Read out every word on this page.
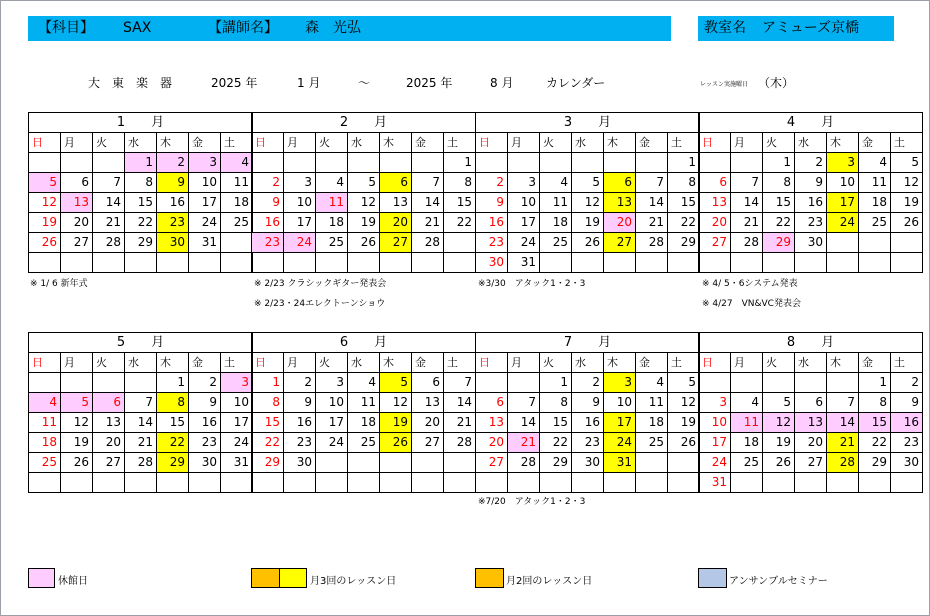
【科目】 SAX	【講師名】 森　光弘	教室名 アミューズ京橋
大　東　楽　器	2025 年	1 月	～	2025 年	8 月	カレンダー	レッスン実施曜日 （木）
1　　月						
日	月	火	水	木	金	土
			1	2	3	4
5	6	7	8	9	10	11
12	13	14	15	16	17	18
19	20	21	22	23	24	25
26	27	28	29	30	31	

2　　月						
日	月	火	水	木	金	土
						1
2	3	4	5	6	7	8
9	10	11	12	13	14	15
16	17	18	19	20	21	22
23	24	25	26	27	28	

3　　月						
日	月	火	水	木	金	土
						1
2	3	4	5	6	7	8
9	10	11	12	13	14	15
16	17	18	19	20	21	22
23	24	25	26	27	28	29
30	31					
4　　月						
日	月	火	水	木	金	土
		1	2	3	4	5
6	7	8	9	10	11	12
13	14	15	16	17	18	19
20	21	22	23	24	25	26
27	28	29	30			

5　　月						
日	月	火	水	木	金	土
				1	2	3
4	5	6	7	8	9	10
11	12	13	14	15	16	17
18	19	20	21	22	23	24
25	26	27	28	29	30	31

6　　月						
日	月	火	水	木	金	土
1	2	3	4	5	6	7
8	9	10	11	12	13	14
15	16	17	18	19	20	21
22	23	24	25	26	27	28
29	30					

7　　月						
日	月	火	水	木	金	土
		1	2	3	4	5
6	7	8	9	10	11	12
13	14	15	16	17	18	19
20	21	22	23	24	25	26
27	28	29	30	31		

8　　月						
日	月	火	水	木	金	土
					1	2
3	4	5	6	7	8	9
10	11	12	13	14	15	16
17	18	19	20	21	22	23
24	25	26	27	28	29	30
31						
※ 1/ 6 新年式	※ 2/23 クラシックギター発表会
※ 2/23・24エレクトーンショウ
※3/30　アタック1・2・3	※ 4/ 5・6システム発表
※ 4/27　VN&VC発表会
※7/20　アタック1・2・3
休館日	月3回のレッスン日	月2回のレッスン日	アンサンブルセミナー
